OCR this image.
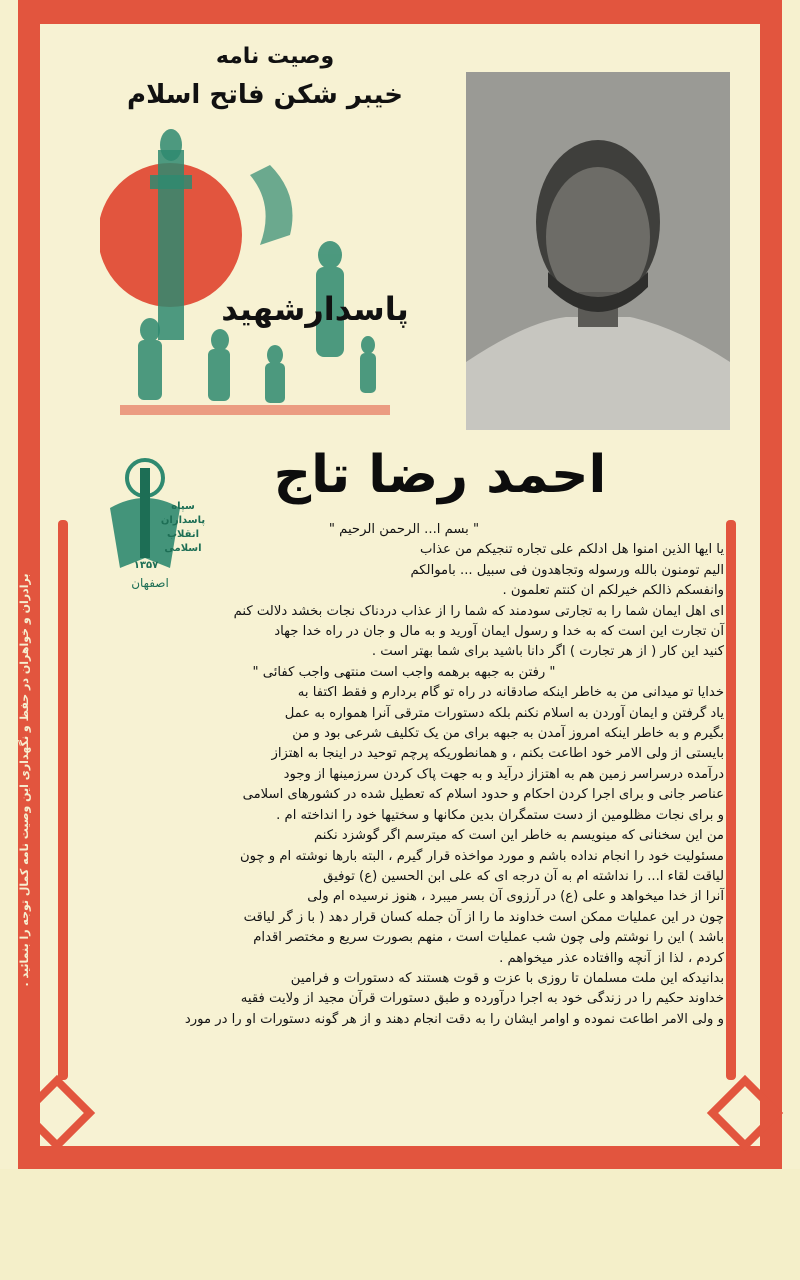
برادران و خواهران در حفظ و نگهداری این وصیت نامه کمال توجه را بنمائید .
وصیت نامه
خیبر شکن فاتح اسلام
پاسدارشهید
سپاه پاسداران انقلاب اسلامی
۱۳۵۷
اصفهان
احمد رضا تاج

" بسم ا... الرحمن الرحیم "

یا ایها الذین امنوا هل ادلکم علی تجاره تنجیکم من عذاب

الیم تومنون بالله ورسوله وتجاهدون فی سبیل ... باموالکم

وانفسکم ذالکم خیرلکم ان کنتم تعلمون .

ای اهل ایمان شما را به تجارتی سودمند که شما را از عذاب دردناک نجات بخشد دلالت کنم

آن تجارت این است که به خدا و رسول ایمان آورید و به مال و جان در راه خدا جهاد

کنید این کار ( از هر تجارت ) اگر دانا باشید برای شما بهتر است .

" رفتن به جبهه برهمه واجب است منتهی واجب کفائی "

خدایا تو میدانی من به خاطر اینکه صادقانه در راه تو گام بردارم و فقط اکتفا به

یاد گرفتن و ایمان آوردن به اسلام نکنم بلکه دستورات مترقی آنرا همواره به عمل

بگیرم و به خاطر اینکه امروز آمدن به جبهه برای من یک تکلیف شرعی بود و من

بایستی از ولی الامر خود اطاعت بکنم ، و همانطوریکه پرچم توحید در اینجا به اهتزاز

درآمده درسراسر زمین هم به اهتزاز درآید و به جهت پاک کردن سرزمینها از وجود

عناصر جانی و برای اجرا کردن احکام و حدود اسلام که تعطیل شده در کشورهای اسلامی

و برای نجات مظلومین از دست ستمگران بدین مکانها و سختیها خود را انداخته ام .

من این سخنانی که مینویسم به خاطر این است که میترسم اگر گوشزد نکنم

مسئولیت خود را انجام نداده باشم و مورد مواخذه قرار گیرم ، البته بارها نوشته ام و چون

لیاقت لقاء ا... را نداشته ام به آن درجه ای که علی ابن الحسین (ع) توفیق

آنرا از خدا میخواهد و علی (ع) در آرزوی آن بسر میبرد ، هنوز نرسیده ام ولی

چون در این عملیات ممکن است خداوند ما را از آن جمله کسان قرار دهد ( با ز گر لیاقت

باشد ) این را نوشتم ولی چون شب عملیات است ، منهم بصورت سریع و مختصر اقدام

کردم ، لذا از آنچه واافتاده عذر میخواهم .

بدانیدکه این ملت مسلمان تا روزی با عزت و قوت هستند که دستورات و فرامین

خداوند حکیم را در زندگی خود به اجرا درآورده و طبق دستورات قرآن مجید از ولایت فقیه

و ولی الامر اطاعت نموده و اوامر ایشان را به دقت انجام دهند و از هر گونه دستورات او را در مورد
